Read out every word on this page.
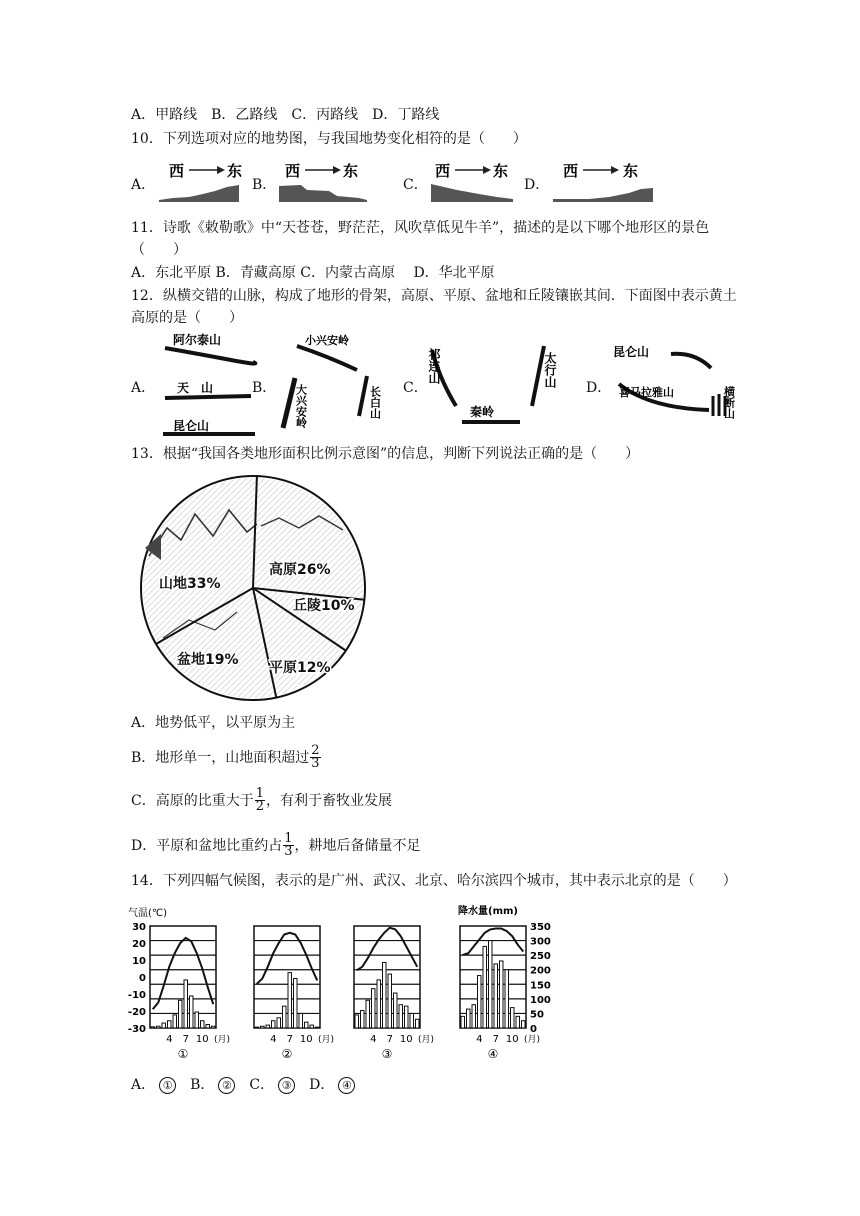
A．甲路线　B．乙路线　C．丙路线　D．丁路线
10．下列选项对应的地势图，与我国地势变化相符的是（　　）
A．	B．	C．	D．
西	东	西	东	西	东	西	东
11．诗歌《敕勒歌》中“天苍苍，野茫茫，风吹草低见牛羊”，描述的是以下哪个地形区的景色（　　）
A．东北平原 B．青藏高原 C．内蒙古高原　 D．华北平原
12．纵横交错的山脉，构成了地形的骨架，高原、平原、盆地和丘陵镶嵌其间．下面图中表示黄土高原的是（　　）
A．	B．	C．	D．
阿尔泰山
天　山
昆仑山
小兴安岭
大兴安岭	长白山
祁连山	太行山
秦岭
昆仑山
喜马拉雅山	横断山
13．根据“我国各类地形面积比例示意图”的信息，判断下列说法正确的是（　　）
山地33%
高原26%
丘陵10%
盆地19% 平原12%
A．地势低平，以平原为主
B．地形单一，山地面积超过 $\frac{2}{3}$
C．高原的比重大于 $\frac{1}{2}$ ，有利于畜牧业发展
D．平原和盆地比重约占 $\frac{1}{3}$ ，耕地后备储量不足
14．下列四幅气候图，表示的是广州、武汉、北京、哈尔滨四个城市，其中表示北京的是（　　）
气温(℃)
30
20
10
0
-10
-20
-30
降水量(mm)
350
300
250
200
150
100
50
0
4 7 10 (月)
①
4 7 10 (月)
②
4 7 10 (月)
③
4 7 10 (月)
④
A． ① B． ② C． ③ D． ④
